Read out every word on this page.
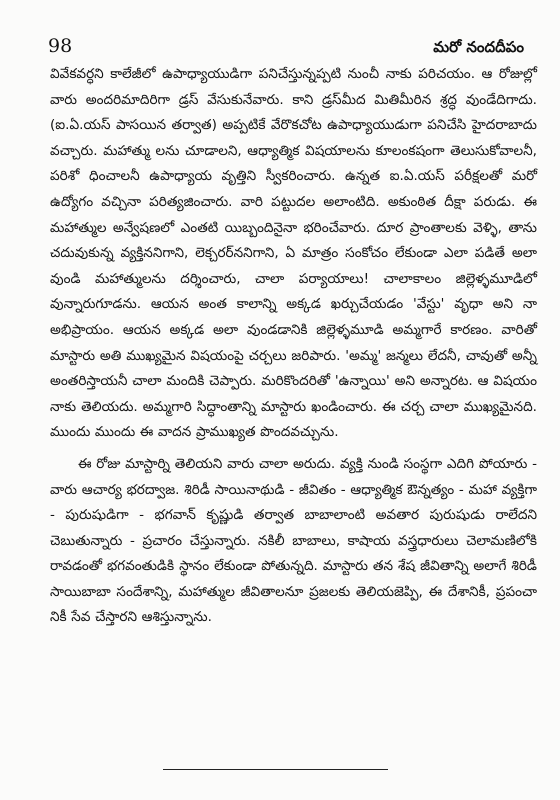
98	మరో నందదీపం

వివేకవర్ధని కాలేజీలో ఉపాధ్యాయుడిగా పనిచేస్తున్నప్పటి నుంచీ నాకు పరిచయం. ఆ రోజుల్లో వారు అందరిమాదిరిగా డ్రస్ వేసుకునేవారు. కాని డ్రస్‌మీద మితిమీరిన శ్రద్ధ వుండేదిగాదు. (ఐ.ఏ.యస్ పాసయిన తర్వాత) అప్పటికే వేరొకచోట ఉపాధ్యాయుడుగా పనిచేసి హైదరాబాదు వచ్చారు. మహాత్ము లను చూడాలని, ఆధ్యాత్మిక విషయాలను కూలంకషంగా తెలుసుకోవాలనీ, పరిశో ధించాలనీ ఉపాధ్యాయ వృత్తిని స్వీకరించారు. ఉన్నత ఐ.ఏ.యస్ పరీక్షలతో మరో ఉద్యోగం వచ్చినా పరిత్యజించారు. వారి పట్టుదల అలాంటిది. అకుంఠిత దీక్షా పరుడు. ఈ మహాత్ముల అన్వేషణలో ఎంతటి యిబ్బందినైనా భరించేవారు. దూర ప్రాంతాలకు వెళ్ళి, తాను చదువుకున్న వ్యక్తిననిగాని, లెక్చరర్‌ననిగాని, ఏ మాత్రం సంకోచం లేకుండా ఎలా పడితే అలా వుండి మహాత్ములను దర్శించారు, చాలా పర్యాయాలు! చాలాకాలం జిల్లెళ్ళమూడిలో వున్నారుగూడను. ఆయన అంత కాలాన్ని అక్కడ ఖర్చుచేయడం 'వేస్టు' వృధా అని నా అభిప్రాయం. ఆయన అక్కడ అలా వుండడానికి జిల్లెళ్ళమూడి అమ్మగారే కారణం. వారితో మాస్టారు అతి ముఖ్యమైన విషయంపై చర్చలు జరిపారు. 'అమ్మ' జన్మలు లేదనీ, చావుతో అన్నీ అంతరిస్తాయనీ చాలా మందికి చెప్పారు. మరికొందరితో 'ఉన్నాయి' అని అన్నారట. ఆ విషయం నాకు తెలియదు. అమ్మగారి సిద్ధాంతాన్ని మాస్టారు ఖండించారు. ఈ చర్చ చాలా ముఖ్యమైనది. ముందు ముందు ఈ వాదన ప్రాముఖ్యత పొందవచ్చును.

ఈ రోజు మాస్టార్ని తెలియని వారు చాలా అరుదు. వ్యక్తి నుండి సంస్థగా ఎదిగి పోయారు - వారు ఆచార్య భరద్వాజ. శిరిడీ సాయినాథుడి - జీవితం - ఆధ్యాత్మిక ఔన్నత్యం - మహా వ్యక్తిగా - పురుషుడిగా - భగవాన్ కృష్ణుడి తర్వాత బాబాలాంటి అవతార పురుషుడు రాలేదని చెబుతున్నారు - ప్రచారం చేస్తున్నారు. నకిలీ బాబాలు, కాషాయ వస్త్రధారులు చెలామణిలోకి రావడంతో భగవంతుడికి స్థానం లేకుండా పోతున్నది. మాస్టారు తన శేష జీవితాన్ని అలాగే శిరిడీ సాయిబాబా సందేశాన్ని, మహాత్ముల జీవితాలనూ ప్రజలకు తెలియజెప్పి, ఈ దేశానికీ, ప్రపంచా నికీ సేవ చేస్తారని ఆశిస్తున్నాను.
